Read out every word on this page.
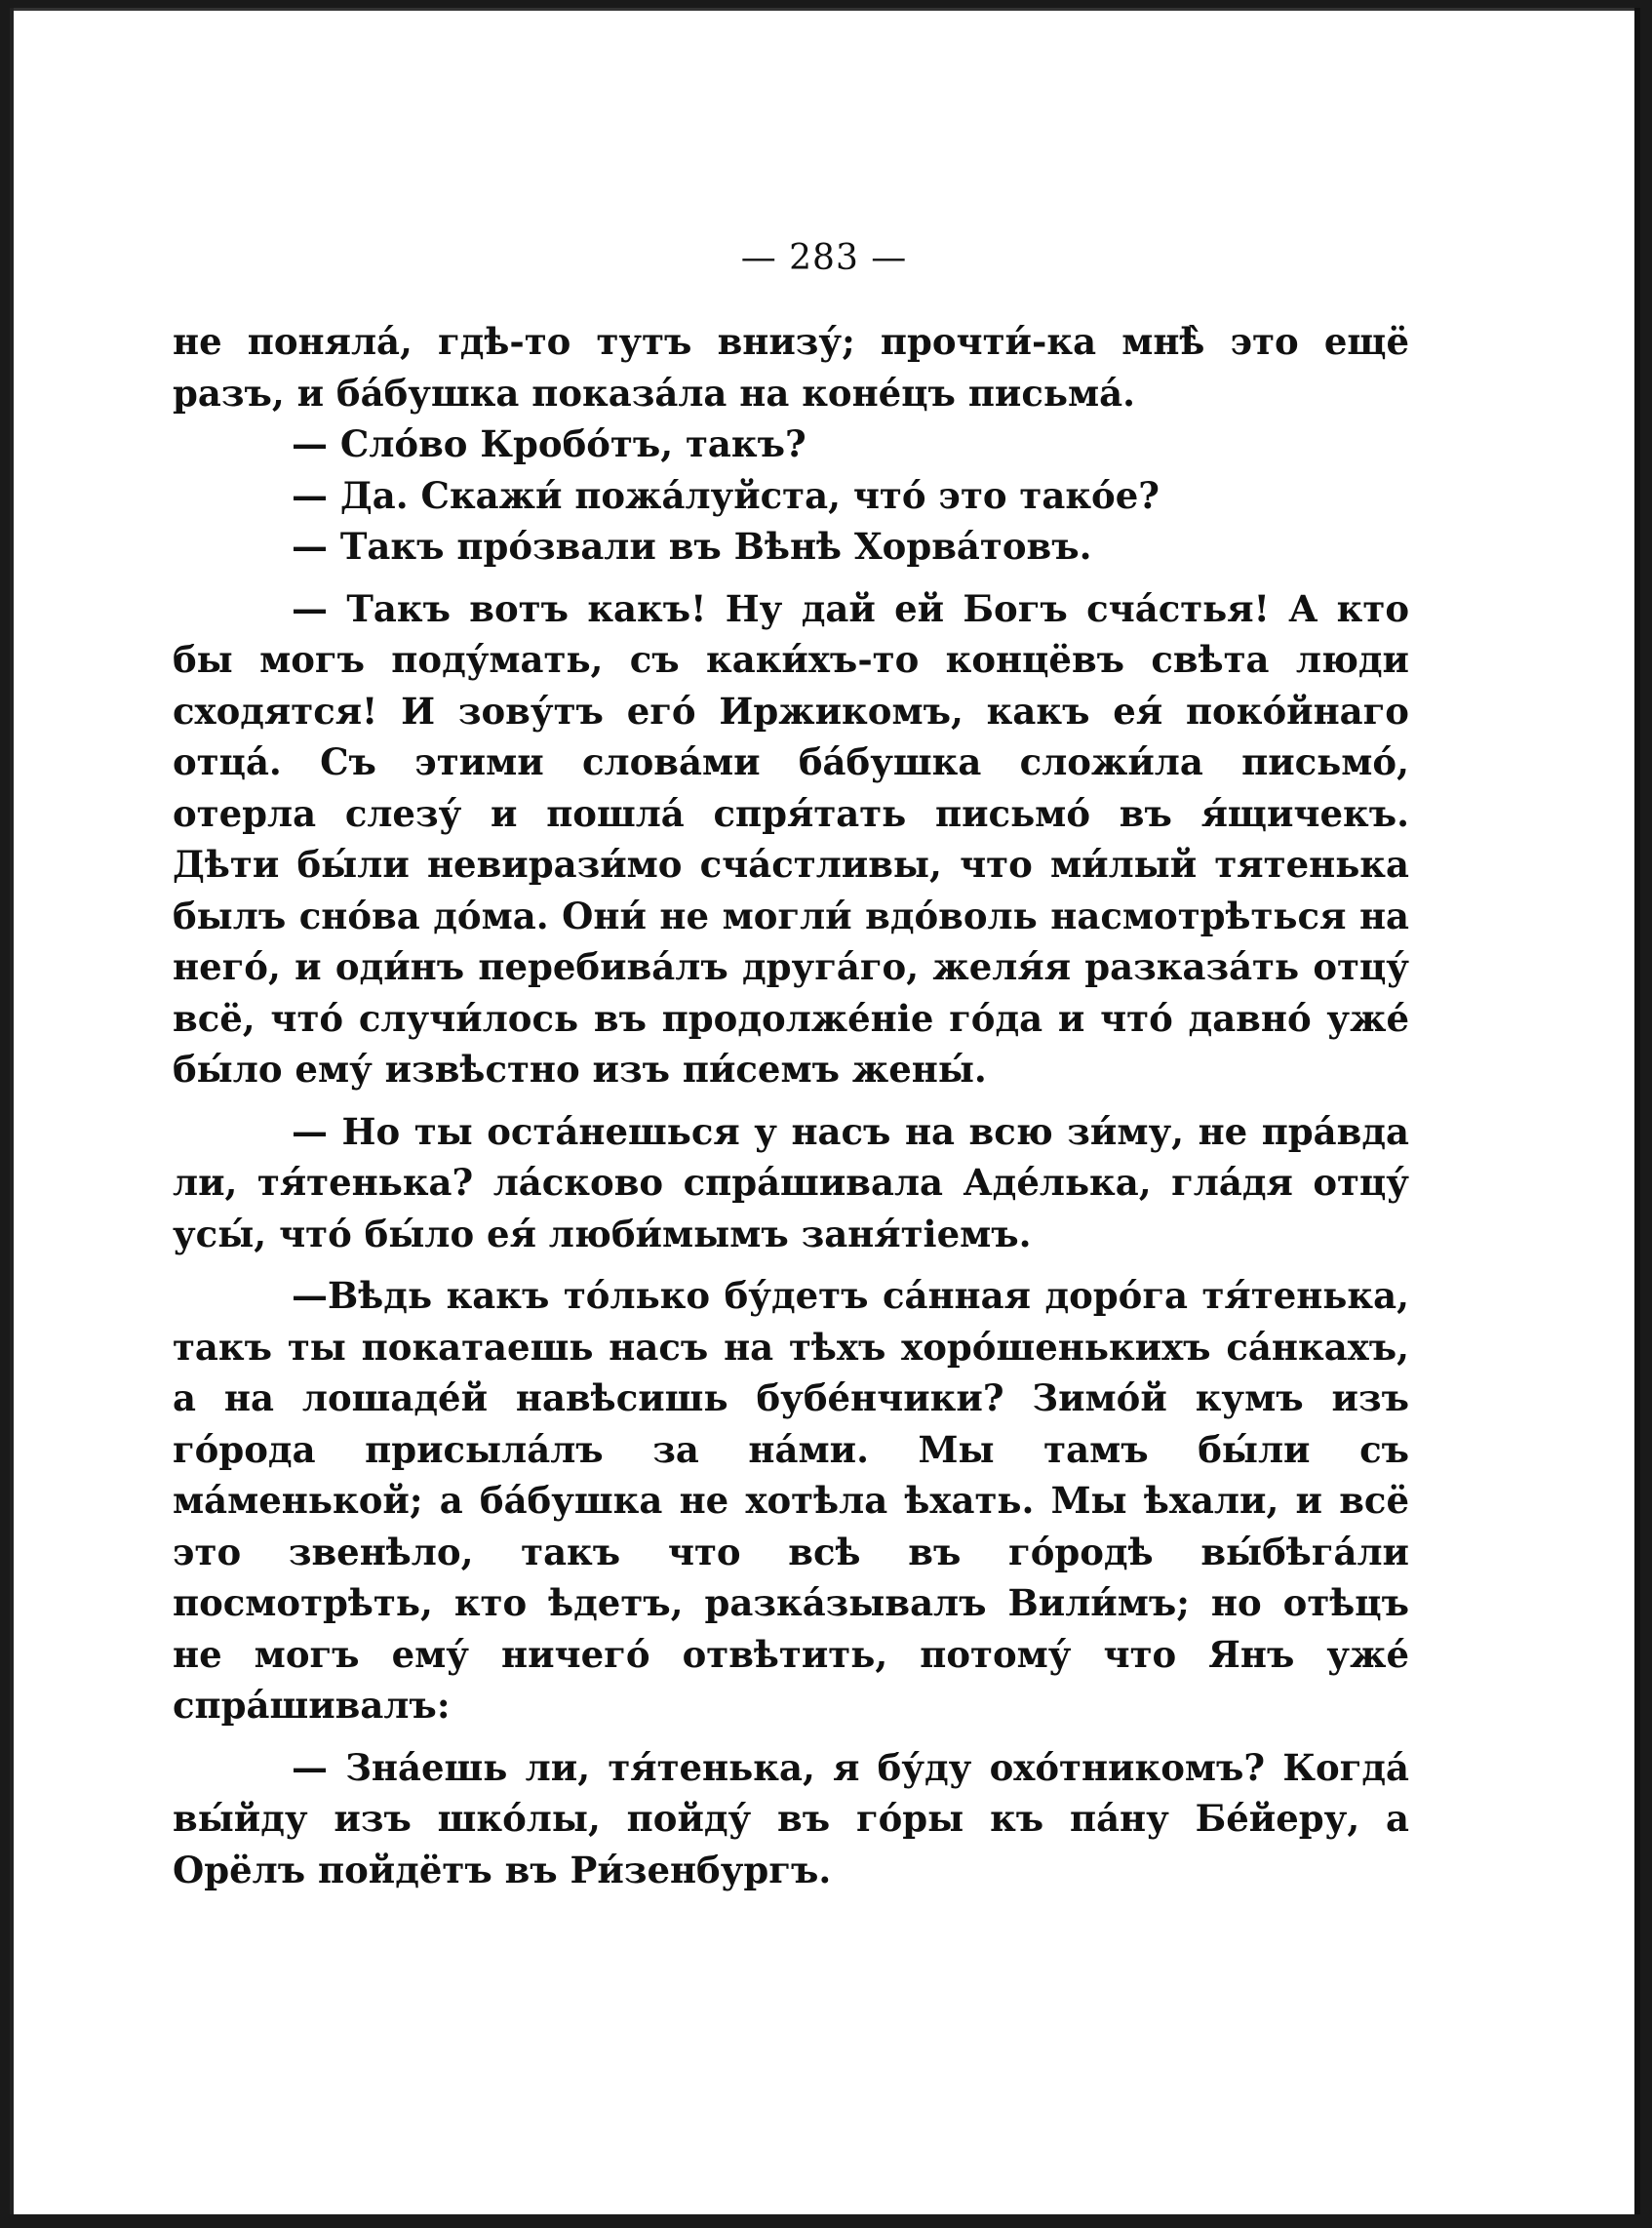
— 283 —

не поняла́, гдѣ-то тутъ внизу́; прочти́-ка мнѣ̀ это ещё разъ, и ба́бушка показа́ла на коне́цъ письма́.

— Сло́во Кробо́тъ, такъ?

— Да. Скажи́ пожа́луйста, что́ это тако́е?

— Такъ про́звали въ Вѣнѣ Хорва́товъ.

— Такъ вотъ какъ! Ну дай ей Богъ сча́стья! А кто бы могъ поду́мать, съ каки́хъ-то концёвъ свѣта люди сходятся! И зову́тъ его́ Иржикомъ, какъ ея́ поко́йнаго отца́. Съ этими слова́ми ба́бушка сложи́ла письмо́, отерла слезу́ и пошла́ спря́тать письмо́ въ я́щичекъ. Дѣти бы́ли невирази́мо сча́стливы, что ми́лый тятенька былъ сно́ва до́ма. Они́ не могли́ вдо́воль насмотрѣться на него́, и оди́нъ перебива́лъ друга́го, желя́я разказа́ть отцу́ всё, что́ случи́лось въ продолже́ніе го́да и что́ давно́ уже́ бы́ло ему́ извѣстно изъ пи́семъ жены́.

— Но ты оста́нешься у насъ на всю зи́му, не пра́вда ли, тя́тенька? ла́сково спра́шивала Аде́лька, гла́дя отцу́ усы́, что́ бы́ло ея́ люби́мымъ заня́тіемъ.

—Вѣдь какъ то́лько бу́детъ са́нная доро́га тя́тенька, такъ ты покатаешь насъ на тѣхъ хоро́шенькихъ са́нкахъ, а на лошаде́й навѣсишь бубе́нчики? Зимо́й кумъ изъ го́рода присыла́лъ за на́ми. Мы тамъ бы́ли съ ма́менькой; а ба́бушка не хотѣла ѣхать. Мы ѣхали, и всё это звенѣло, такъ что всѣ въ го́родѣ вы́бѣга́ли посмотрѣть, кто ѣдетъ, разка́зывалъ Вили́мъ; но отѣцъ не могъ ему́ ничего́ отвѣтить, потому́ что Янъ уже́ спра́шивалъ:

— Зна́ешь ли, тя́тенька, я бу́ду охо́тникомъ? Когда́ вы́йду изъ шко́лы, пойду́ въ го́ры къ па́ну Бе́йеру, а Орёлъ пойдётъ въ Ри́зенбургъ.
